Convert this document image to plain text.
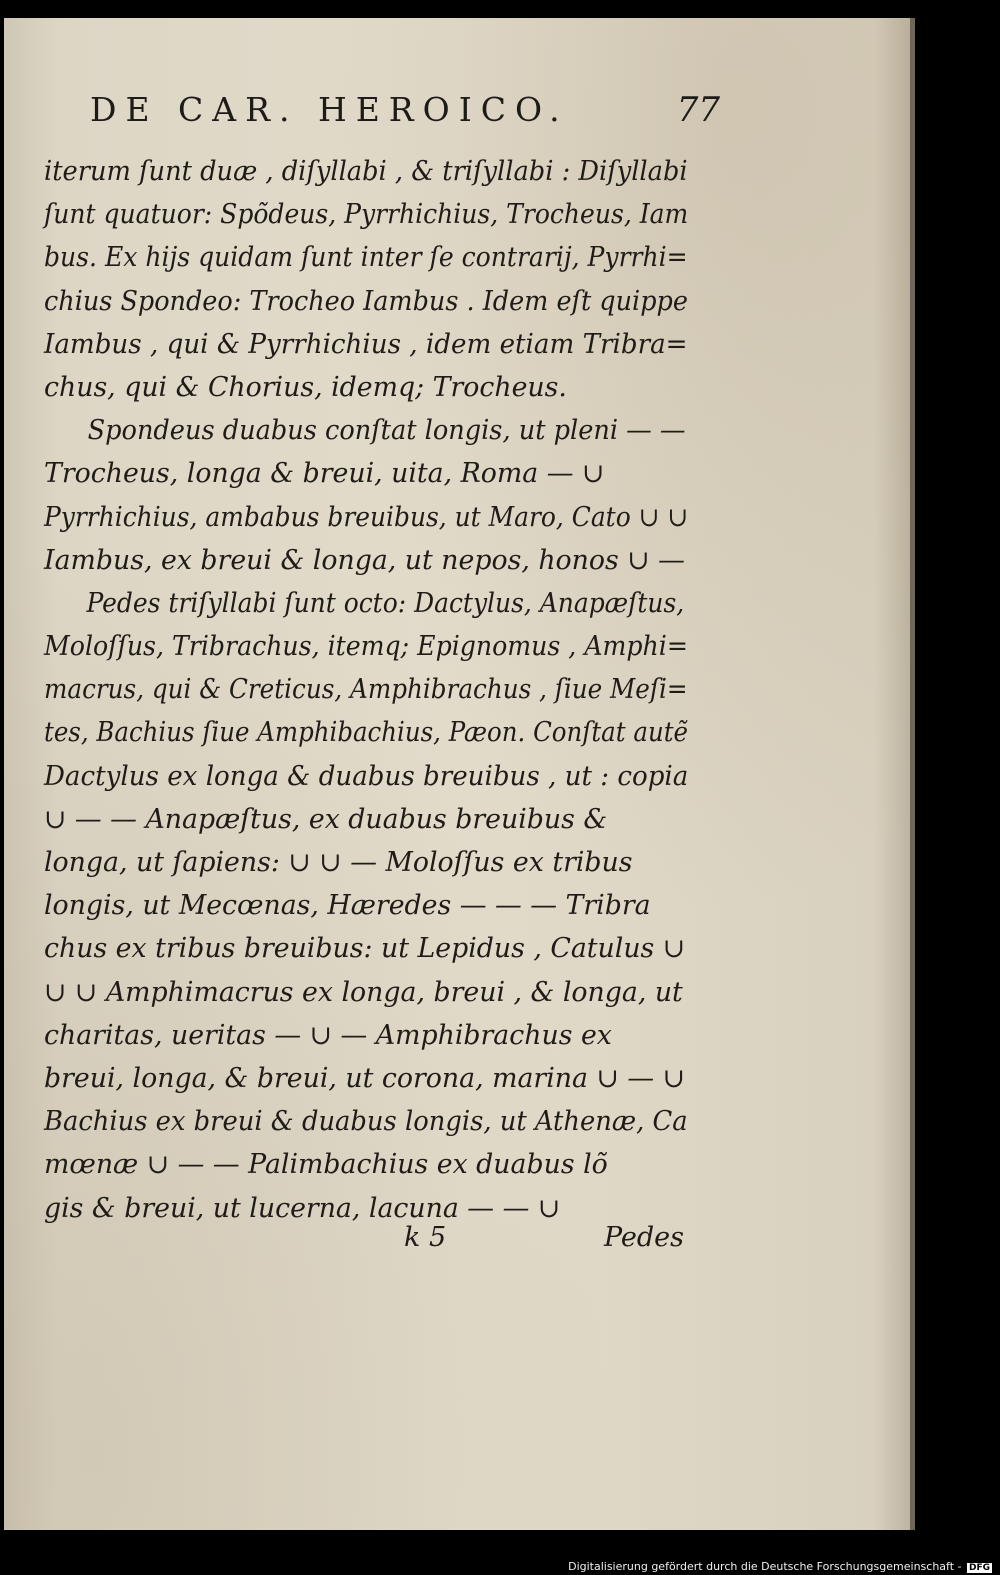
DE CAR. HEROICO.	77
iterum ſunt duæ , diſyllabi , & triſyllabi : Diſyllabi
ſunt quatuor: Spõdeus, Pyrrhichius, Trocheus, Iam
bus. Ex hijs quidam ſunt inter ſe contrarij, Pyrrhi=
chius Spondeo: Trocheo Iambus . Idem eſt quippe
Iambus , qui & Pyrrhichius , idem etiam Tribra=
chus, qui & Chorius, idemq; Trocheus.
Spondeus duabus conſtat longis, ut pleni — —
Trocheus, longa & breui, uita, Roma — ∪
Pyrrhichius, ambabus breuibus, ut Maro, Cato ∪ ∪
Iambus, ex breui & longa, ut nepos, honos ∪ —
Pedes triſyllabi ſunt octo: Dactylus, Anapæſtus,
Moloſſus, Tribrachus, itemq; Epignomus , Amphi=
macrus, qui & Creticus, Amphibrachus , ſiue Meſi=
tes, Bachius ſiue Amphibachius, Pæon. Conſtat autẽ
Dactylus ex longa & duabus breuibus , ut : copia
∪ — — Anapæſtus, ex duabus breuibus &
longa, ut ſapiens: ∪ ∪ — Moloſſus ex tribus
longis, ut Mecœnas, Hæredes — — — Tribra
chus ex tribus breuibus: ut Lepidus , Catulus ∪
∪ ∪ Amphimacrus ex longa, breui , & longa, ut
charitas, ueritas — ∪ — Amphibrachus ex
breui, longa, & breui, ut corona, marina ∪ — ∪
Bachius ex breui & duabus longis, ut Athenæ, Ca
mœnæ ∪ — — Palimbachius ex duabus lõ
gis & breui, ut lucerna, lacuna — — ∪
k 5	Pedes
Digitalisierung gefördert durch die Deutsche Forschungsgemeinschaft - DFG
